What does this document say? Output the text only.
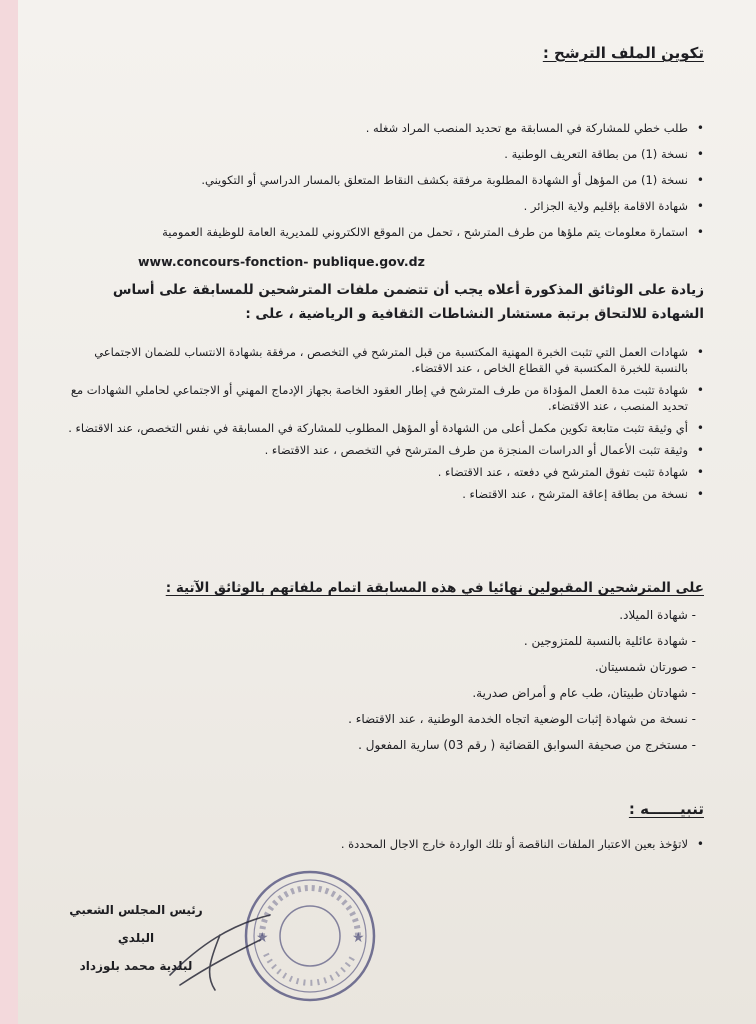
تكوين الملف الترشح :
• طلب خطي للمشاركة في المسابقة مع تحديد المنصب المراد شغله .
• نسخة (1) من بطاقة التعريف الوطنية .
• نسخة (1) من المؤهل أو الشهادة المطلوبة مرفقة بكشف النقاط المتعلق بالمسار الدراسي أو التكويني.
• شهادة الاقامة بإقليم ولاية الجزائر .
• استمارة معلومات يتم ملؤها من طرف المترشح ، تحمل من الموقع الالكتروني للمديرية العامة للوظيفة العمومية
www.concours-fonction- publique.gov.dz

زيادة على الوثائق المذكورة أعلاه يجب أن تتضمن ملفات المترشحين للمسابقة على أساس الشهادة للالتحاق برتبة مستشار النشاطات الثقافية و الرياضية ، على :

• شهادات العمل التي تثبت الخبرة المهنية المكتسبة من قبل المترشح في التخصص ، مرفقة بشهادة الانتساب للضمان الاجتماعي بالنسبة للخبرة المكتسبة في القطاع الخاص ، عند الاقتضاء.
• شهادة تثبت مدة العمل المؤداة من طرف المترشح في إطار العقود الخاصة بجهاز الإدماج المهني أو الاجتماعي لحاملي الشهادات مع تحديد المنصب ، عند الاقتضاء.
• أي وثيقة تثبت متابعة تكوين مكمل أعلى من الشهادة أو المؤهل المطلوب للمشاركة في المسابقة في نفس التخصص، عند الاقتضاء .
• وثيقة تثبت الأعمال أو الدراسات المنجزة من طرف المترشح في التخصص ، عند الاقتضاء .
• شهادة تثبت تفوق المترشح في دفعته ، عند الاقتضاء .
• نسخة من بطاقة إعاقة المترشح ، عند الاقتضاء .
على المترشحين المقبولين نهائيا في هذه المسابقة اتمام ملفاتهم بالوثائق الآتية :
- شهادة الميلاد.
- شهادة عائلية بالنسبة للمتزوجين .
- صورتان شمسيتان.
- شهادتان طبيتان، طب عام و أمراض صدرية.
- نسخة من شهادة إثبات الوضعية اتجاه الخدمة الوطنية ، عند الاقتضاء .
- مستخرج من صحيفة السوابق القضائية ( رقم 03) سارية المفعول .
تنبيــــــه :
• لاتؤخذ بعين الاعتبار الملفات الناقصة أو تلك الواردة خارج الاجال المحددة .
رئيس المجلس الشعبي البلدي
لبلدية محمد بلوزداد
★	★
